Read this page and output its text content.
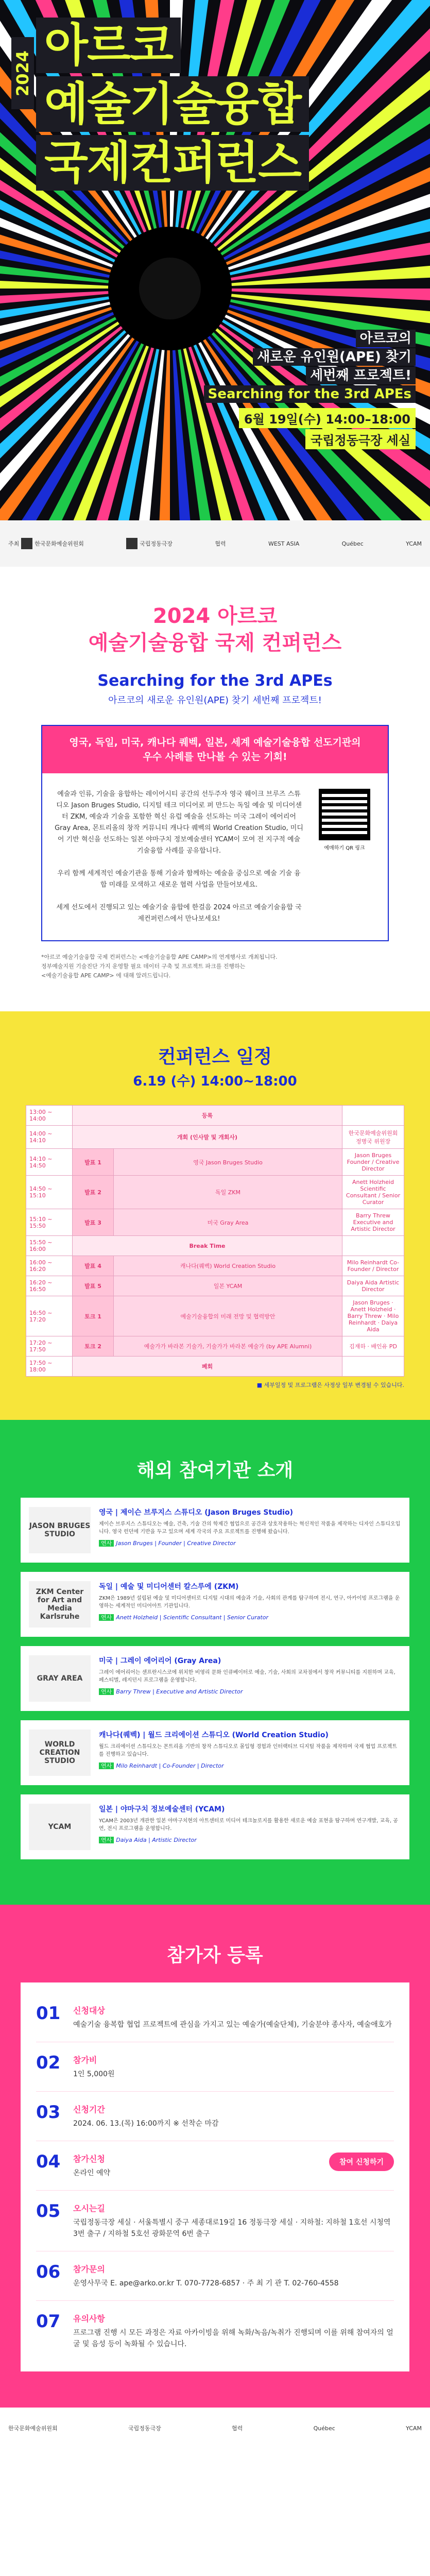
2024
아르코
예술기술융합
국제컨퍼런스
아르코의
새로운 유인원(APE) 찾기
세번째 프로젝트!
Searching for the 3rd APEs
6월 19일(수) 14:00–18:00
국립정동극장 세실
주최	한국문화예술위원회	국립정동극장	협력	WEST ASIA	Québec	YCAM
2024 아르코
예술기술융합 국제 컨퍼런스
Searching for the 3rd APEs
아르코의 새로운 유인원(APE) 찾기 세번째 프로젝트!
영국, 독일, 미국, 캐나다 퀘벡, 일본, 세계 예술기술융합 선도기관의
우수 사례를 만나볼 수 있는 기회!

예술과 인류, 기술을 융합하는 레이어시티 공간의 선두주자 영국 웨이크 브루즈 스튜디오 Jason Bruges Studio, 디지털 테크 미디어로 퍼 만드는 독일 예술 및 미디어센터 ZKM, 예술과 기술을 포함한 혁신 유럽 예술을 선도하는 미국 그레이 에어리어 Gray Area, 몬트리올의 창작 커뮤니티 캐나다 퀘벡의 World Creation Studio, 미디어 기반 혁신을 선도하는 일본 야마구치 정보예술센터 YCAM이 모여 전 지구적 예술기술융합 사례를 공유합니다.

우리 함께 세계적인 예술기관을 통해 기술과 함께하는 예술을 중심으로 예술 기술 융합 미래를 모색하고 새로운 협력 사업을 만들어보세요.

세계 선도에서 진행되고 있는 예술기술 융합에 한걸음 2024 아르코 예술기술융합 국제컨퍼런스에서 만나보세요!

예매하기 QR 링크
*아르코 예술기술융합 국제 컨퍼런스는 <예술기술융합 APE CAMP>의 연계행사로 개최됩니다.
정부예술지원 기술진단 가지 운영할 필요 데이터 구축 및 프로젝트 파크를 진행하는
<예술기술융합 APE CAMP> 에 대해 알려드립니다.
컨퍼런스 일정
6.19 (수) 14:00~18:00
13:00 ~ 14:00	등록		
14:00 ~ 14:10	개회 (인사말 및 개회사)		한국문화예술위원회 정병국 위원장
14:10 ~ 14:50	발표 1	영국 Jason Bruges Studio	Jason Bruges Founder / Creative Director
14:50 ~ 15:10	발표 2	독일 ZKM	Anett Holzheid Scientific Consultant / Senior Curator
15:10 ~ 15:50	발표 3	미국 Gray Area	Barry Threw Executive and Artistic Director
15:50 ~ 16:00	Break Time		
16:00 ~ 16:20	발표 4	캐나다(퀘벡) World Creation Studio	Milo Reinhardt Co-Founder / Director
16:20 ~ 16:50	발표 5	일본 YCAM	Daiya Aida Artistic Director
16:50 ~ 17:20	토크 1	예술기술융합의 미래 전망 및 협력방안	Jason Bruges · Anett Holzheid · Barry Threw · Milo Reinhardt · Daiya Aida
17:20 ~ 17:50	토크 2	예술가가 바라본 기술가, 기술가가 바라본 예술가 (by APE Alumni)	김재하 · 배인유 PD
17:50 ~ 18:00	폐회		
■ 세부일정 및 프로그램은 사정상 일부 변경될 수 있습니다.
해외 참여기관 소개
JASON BRUGES STUDIO
영국 | 제이슨 브루지스 스튜디오 (Jason Bruges Studio)

제이슨 브루지스 스튜디오는 예술, 건축, 기술 간의 학제간 협업으로 공간과 상호작용하는 혁신적인 작품을 제작하는 디자인 스튜디오입니다. 영국 런던에 기반을 두고 있으며 세계 각국의 주요 프로젝트를 진행해 왔습니다.

연사 Jason Bruges | Founder | Creative Director
ZKM Center for Art and Media Karlsruhe
독일 | 예술 및 미디어센터 칼스루에 (ZKM)

ZKM은 1989년 설립된 예술 및 미디어센터로 디지털 시대의 예술과 기술, 사회의 관계를 탐구하며 전시, 연구, 아카이빙 프로그램을 운영하는 세계적인 미디어아트 기관입니다.

연사 Anett Holzheid | Scientific Consultant | Senior Curator
GRAY AREA
미국 | 그레이 에어리어 (Gray Area)

그레이 에어리어는 샌프란시스코에 위치한 비영리 문화 인큐베이터로 예술, 기술, 사회의 교차점에서 창작 커뮤니티를 지원하며 교육, 페스티벌, 레지던시 프로그램을 운영합니다.

연사 Barry Threw | Executive and Artistic Director
WORLD CREATION STUDIO
캐나다(퀘벡) | 월드 크리에이션 스튜디오 (World Creation Studio)

월드 크리에이션 스튜디오는 몬트리올 기반의 창작 스튜디오로 몰입형 경험과 인터랙티브 디지털 작품을 제작하며 국제 협업 프로젝트를 진행하고 있습니다.

연사 Milo Reinhardt | Co-Founder | Director
YCAM
일본 | 야마구치 정보예술센터 (YCAM)

YCAM은 2003년 개관한 일본 야마구치현의 아트센터로 미디어 테크놀로지를 활용한 새로운 예술 표현을 탐구하며 연구개발, 교육, 공연, 전시 프로그램을 운영합니다.

연사 Daiya Aida | Artistic Director
참가자 등록
01 신청대상

예술기술 융복합 협업 프로젝트에 관심을 가지고 있는 예술가(예술단체), 기술분야 종사자, 예술애호가

02 참가비

1인 5,000원

03 신청기간

2024. 06. 13.(목) 16:00까지 ※ 선착순 마감

04 참가신청

온라인 예약

참여 신청하기
05 오시는길

국립정동극장 세실 · 서울특별시 중구 세종대로19길 16 정동극장 세실 · 지하철: 지하철 1호선 시청역 3번 출구 / 지하철 5호선 광화문역 6번 출구

06 참가문의

운영사무국 E. ape@arko.or.kr T. 070-7728-6857 · 주 최 기 관 T. 02-760-4558

07 유의사항

프로그램 진행 시 모든 과정은 자료 아카이빙을 위해 녹화/녹음/녹취가 진행되며 이를 위해 참여자의 얼굴 및 음성 등이 녹화될 수 있습니다.

한국문화예술위원회	국립정동극장	협력	Québec	YCAM
